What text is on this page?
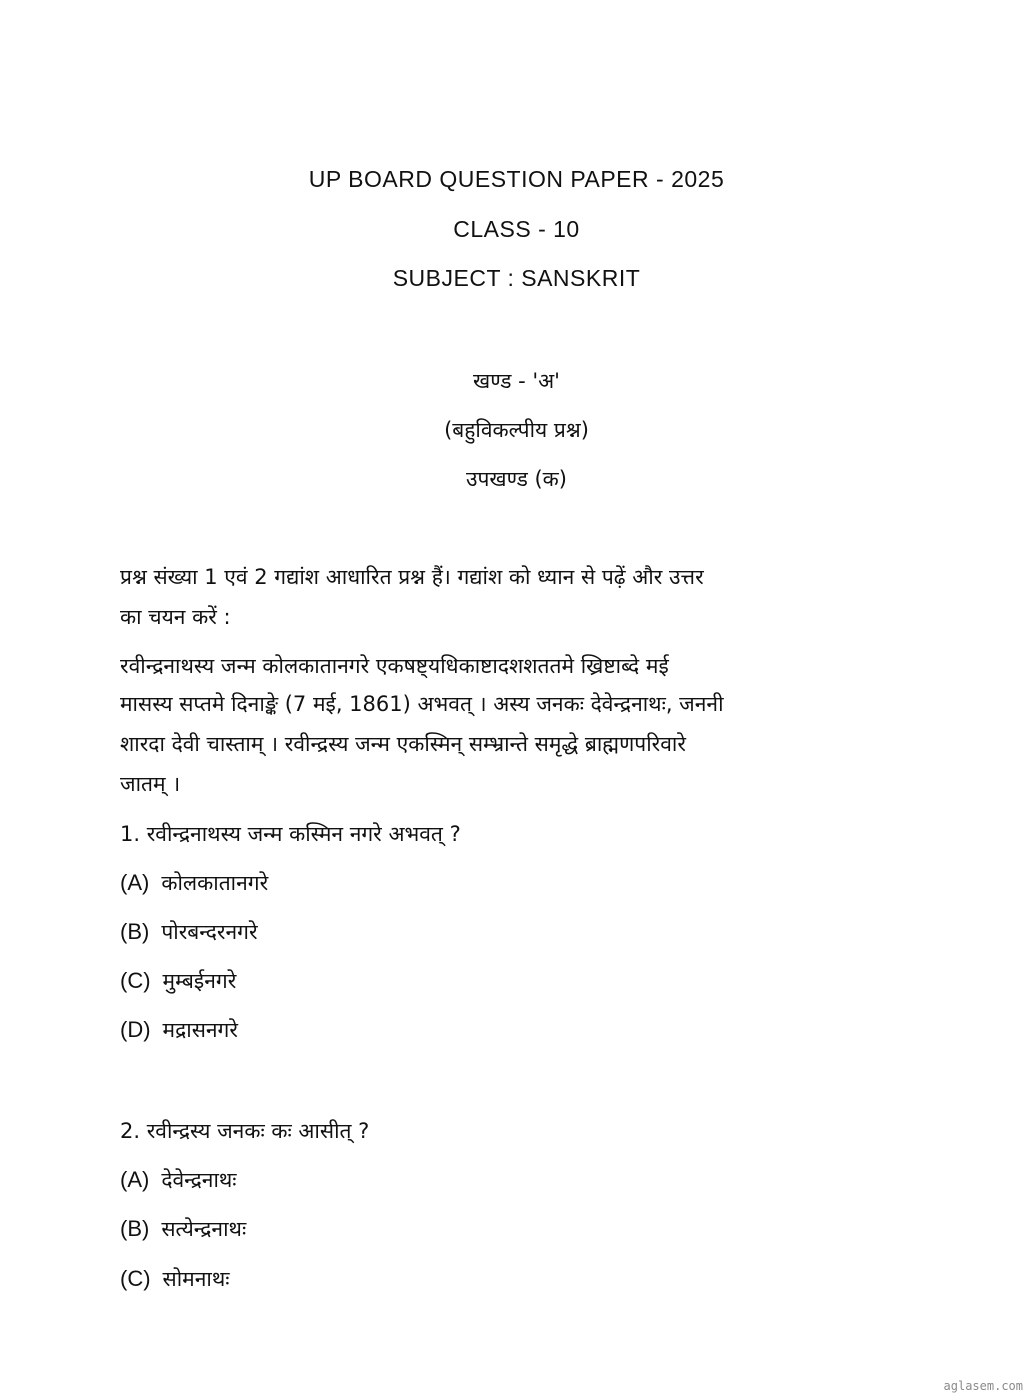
UP BOARD QUESTION PAPER - 2025

CLASS - 10

SUBJECT : SANSKRIT

खण्ड - 'अ'

(बहुविकल्पीय प्रश्न)

उपखण्ड (क)

प्रश्न संख्या 1 एवं 2 गद्यांश आधारित प्रश्न हैं। गद्यांश को ध्यान से पढ़ें और उत्तर

का चयन करें :

रवीन्द्रनाथस्य जन्म कोलकातानगरे एकषष्ट्यधिकाष्टादशशततमे ख्रिष्टाब्दे मई

मासस्य सप्तमे दिनाङ्के (7 मई, 1861) अभवत् । अस्य जनकः देवेन्द्रनाथः, जननी

शारदा देवी चास्ताम् । रवीन्द्रस्य जन्म एकस्मिन् सम्भ्रान्ते समृद्धे ब्राह्मणपरिवारे

जातम् ।

1. रवीन्द्रनाथस्य जन्म कस्मिन नगरे अभवत् ?

(A) कोलकातानगरे

(B) पोरबन्दरनगरे

(C) मुम्बईनगरे

(D) मद्रासनगरे

2. रवीन्द्रस्य जनकः कः आसीत् ?

(A) देवेन्द्रनाथः

(B) सत्येन्द्रनाथः

(C) सोमनाथः

aglasem.com
